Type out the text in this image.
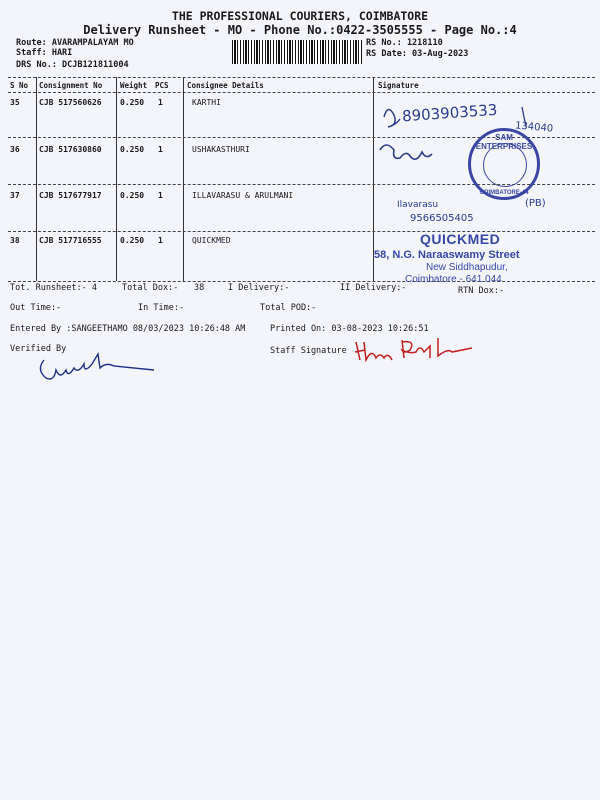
THE PROFESSIONAL COURIERS, COIMBATORE
Delivery Runsheet - MO - Phone No.:0422-3505555 - Page No.:4
Route: AVARAMPALAYAM MO
Staff: HARI
DRS No.: DCJB121811004
RS No.: 1218110
RS Date: 03-Aug-2023
S No Consignment No Weight PCS Consignee Details	Signature
35 CJB 517560626 0.250 1	KARTHI
36 CJB 517630860 0.250 1	USHAKASTHURI
37 CJB 517677917 0.250 1	ILLAVARASU & ARULMANI
38 CJB 517716555 0.250 1	QUICKMED
8903903533
134040
Ilavarasu	(PB)
9566505405
SAM ENTERPRISES
COIMBATORE-44
QUICKMED
58, N.G. Naraaswamy Street
New Siddhapudur,
Coimbatore - 641 044
Tot. Runsheet:- 4	Total Dox:- 38	I Delivery:-	II Delivery:-	RTN Dox:-
Out Time:-	In Time:-	Total POD:-
Entered By :SANGEETHAMO 08/03/2023 10:26:48 AM	Printed On: 03-08-2023 10:26:51
Verified By	Staff Signature
